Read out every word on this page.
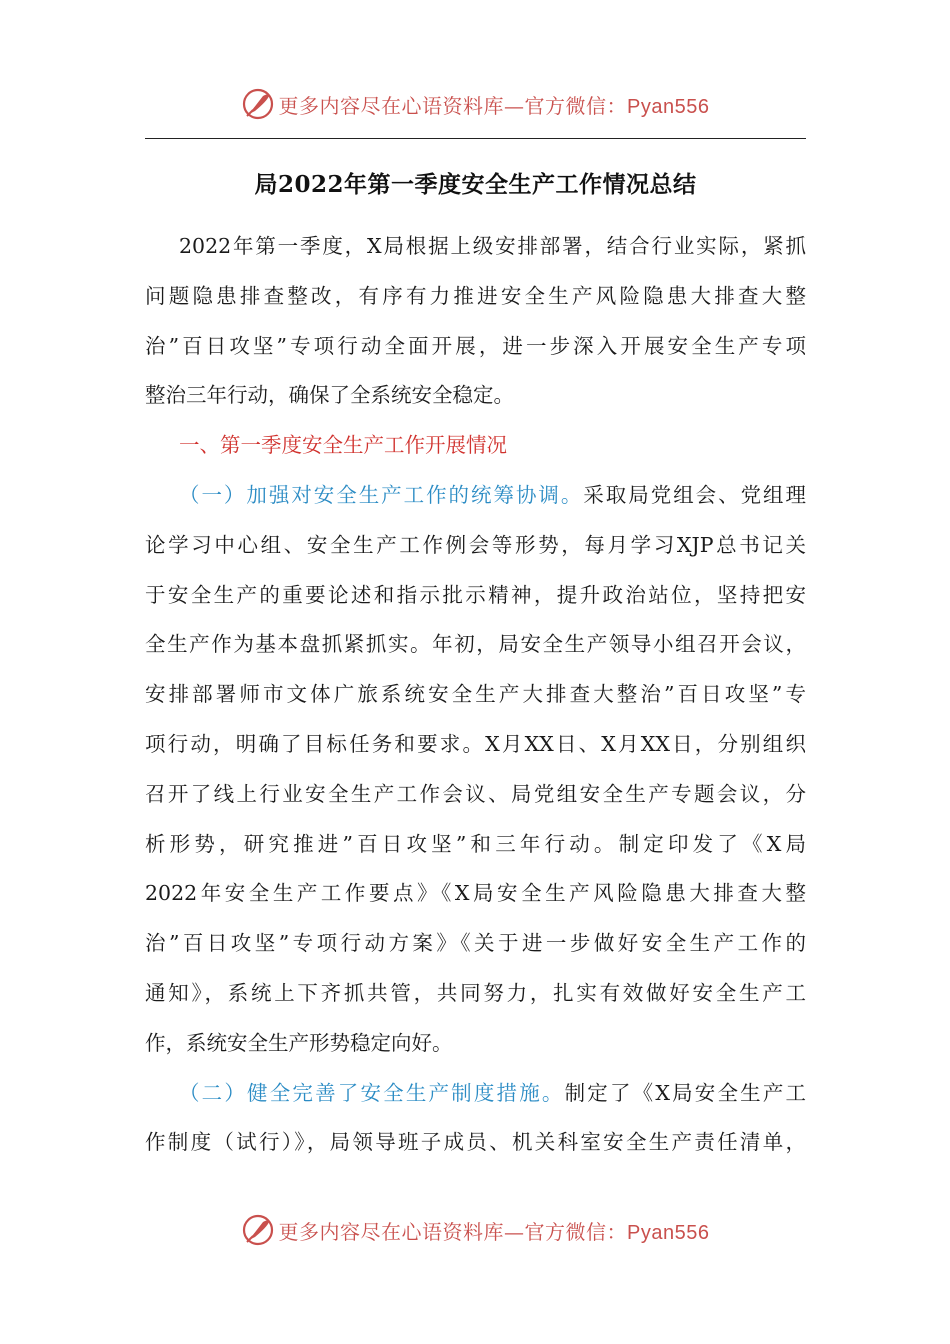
更多内容尽在心语资料库—官方微信：Pyan556
局2022年第一季度安全生产工作情况总结
2022年第一季度，X局根据上级安排部署，结合行业实际，紧抓
问题隐患排查整改，有序有力推进安全生产风险隐患大排查大整
治”百日攻坚”专项行动全面开展，进一步深入开展安全生产专项
整治三年行动，确保了全系统安全稳定。
一、第一季度安全生产工作开展情况
（一）加强对安全生产工作的统筹协调。采取局党组会、党组理
论学习中心组、安全生产工作例会等形势，每月学习XJP总书记关
于安全生产的重要论述和指示批示精神，提升政治站位，坚持把安
全生产作为基本盘抓紧抓实。年初，局安全生产领导小组召开会议，
安排部署师市文体广旅系统安全生产大排查大整治”百日攻坚”专
项行动，明确了目标任务和要求。X月XX日、X月XX日，分别组织
召开了线上行业安全生产工作会议、局党组安全生产专题会议，分
析形势，研究推进”百日攻坚”和三年行动。制定印发了《X局
2022年安全生产工作要点》《X局安全生产风险隐患大排查大整
治”百日攻坚”专项行动方案》《关于进一步做好安全生产工作的
通知》，系统上下齐抓共管，共同努力，扎实有效做好安全生产工
作，系统安全生产形势稳定向好。
（二）健全完善了安全生产制度措施。制定了《X局安全生产工
作制度（试行）》，局领导班子成员、机关科室安全生产责任清单，
更多内容尽在心语资料库—官方微信：Pyan556
